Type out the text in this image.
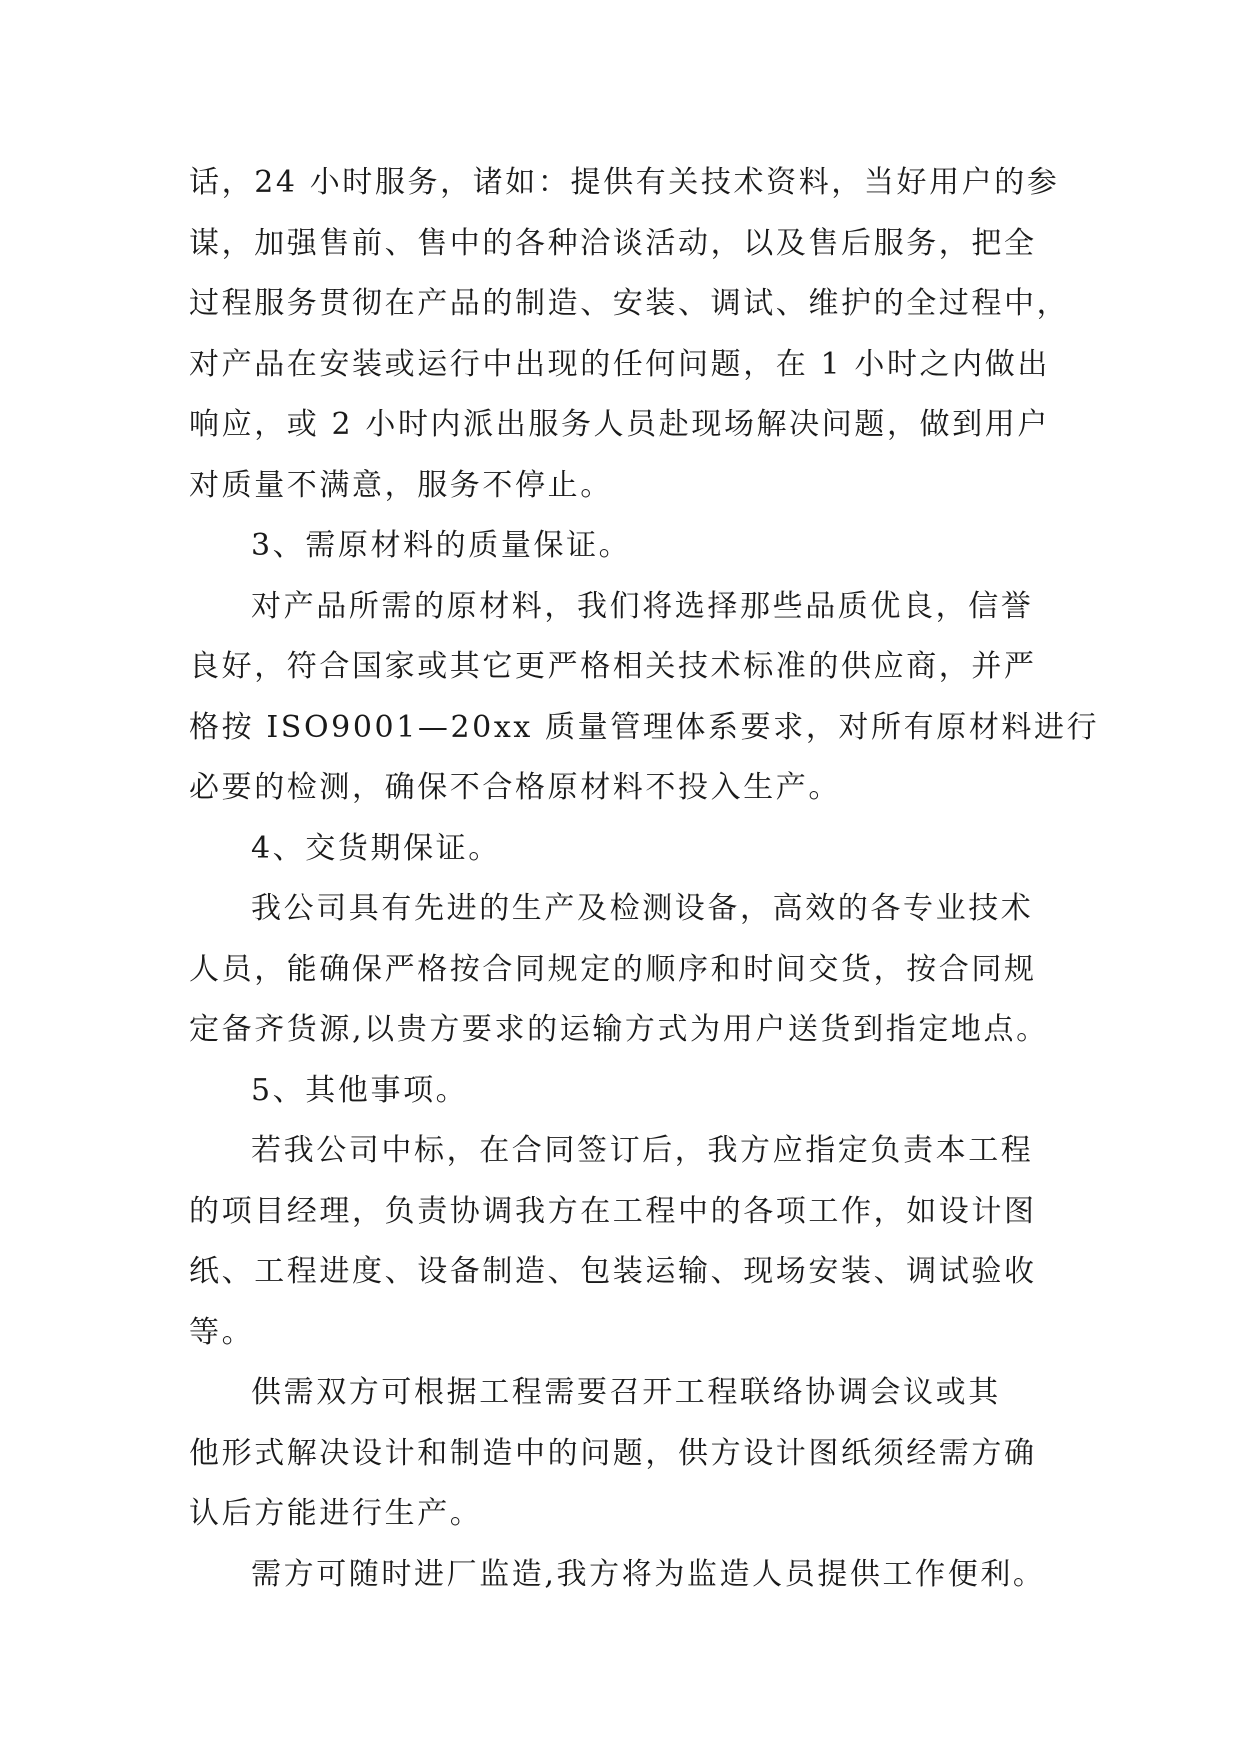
话，24 小时服务，诸如：提供有关技术资料，当好用户的参
谋，加强售前、售中的各种洽谈活动，以及售后服务，把全
过程服务贯彻在产品的制造、安装、调试、维护的全过程中，
对产品在安装或运行中出现的任何问题，在 1 小时之内做出
响应，或 2 小时内派出服务人员赴现场解决问题，做到用户
对质量不满意，服务不停止。
3、需原材料的质量保证。
对产品所需的原材料，我们将选择那些品质优良，信誉
良好，符合国家或其它更严格相关技术标准的供应商，并严
格按 ISO9001—20xx 质量管理体系要求，对所有原材料进行
必要的检测，确保不合格原材料不投入生产。
4、交货期保证。
我公司具有先进的生产及检测设备，高效的各专业技术
人员，能确保严格按合同规定的顺序和时间交货，按合同规
定备齐货源,以贵方要求的运输方式为用户送货到指定地点。
5、其他事项。
若我公司中标，在合同签订后，我方应指定负责本工程
的项目经理，负责协调我方在工程中的各项工作，如设计图
纸、工程进度、设备制造、包装运输、现场安装、调试验收
等。
供需双方可根据工程需要召开工程联络协调会议或其
他形式解决设计和制造中的问题，供方设计图纸须经需方确
认后方能进行生产。
需方可随时进厂监造,我方将为监造人员提供工作便利。
